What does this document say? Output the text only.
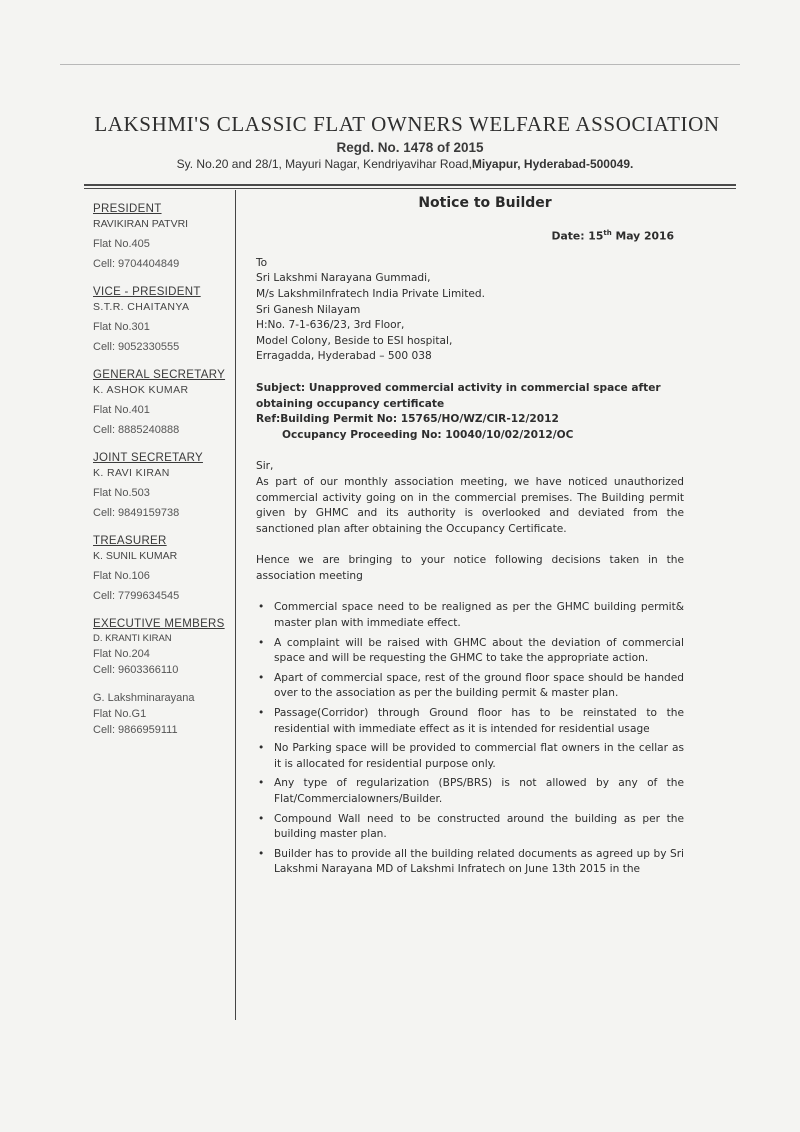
LAKSHMI'S CLASSIC FLAT OWNERS WELFARE ASSOCIATION
Regd. No. 1478 of 2015
Sy. No.20 and 28/1, Mayuri Nagar, Kendriyavihar Road,Miyapur, Hyderabad-500049.
PRESIDENT
RAVIKIRAN PATVRI
Flat No.405
Cell: 9704404849
VICE - PRESIDENT
S.T.R. CHAITANYA
Flat No.301
Cell: 9052330555
GENERAL SECRETARY
K. ASHOK KUMAR
Flat No.401
Cell: 8885240888
JOINT SECRETARY
K. RAVI KIRAN
Flat No.503
Cell: 9849159738
TREASURER
K. SUNIL KUMAR
Flat No.106
Cell: 7799634545
EXECUTIVE MEMBERS
D. KRANTI KIRAN
Flat No.204
Cell: 9603366110
G. Lakshminarayana
Flat No.G1
Cell: 9866959111
Notice to Builder
Date: 15th May 2016
To
Sri Lakshmi Narayana Gummadi,
M/s Lakshmilnfratech India Private Limited.
Sri Ganesh Nilayam
H:No. 7-1-636/23, 3rd Floor,
Model Colony, Beside to ESI hospital,
Erragadda, Hyderabad – 500 038
Subject: Unapproved commercial activity in commercial space after obtaining occupancy certificate
Ref:Building Permit No: 15765/HO/WZ/CIR-12/2012
Occupancy Proceeding No: 10040/10/02/2012/OC
Sir,
As part of our monthly association meeting, we have noticed unauthorized commercial activity going on in the commercial premises. The Building permit given by GHMC and its authority is overlooked and deviated from the sanctioned plan after obtaining the Occupancy Certificate.
Hence we are bringing to your notice following decisions taken in the association meeting
• Commercial space need to be realigned as per the GHMC building permit& master plan with immediate effect.
• A complaint will be raised with GHMC about the deviation of commercial space and will be requesting the GHMC to take the appropriate action.
• Apart of commercial space, rest of the ground floor space should be handed over to the association as per the building permit & master plan.
• Passage(Corridor) through Ground floor has to be reinstated to the residential with immediate effect as it is intended for residential usage
• No Parking space will be provided to commercial flat owners in the cellar as it is allocated for residential purpose only.
• Any type of regularization (BPS/BRS) is not allowed by any of the Flat/Commercialowners/Builder.
• Compound Wall need to be constructed around the building as per the building master plan.
• Builder has to provide all the building related documents as agreed up by Sri Lakshmi Narayana MD of Lakshmi Infratech on June 13th 2015 in the
